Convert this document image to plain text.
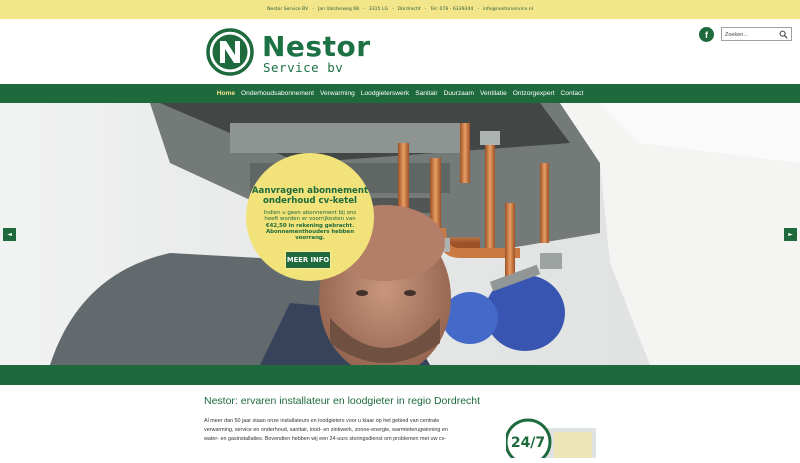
Nestor Service BV - Jan Valsterweg 68 - 3315 LG - Dordrecht - Tel: 078 - 6339344 - info@nestorservice.nl
Nestor
Service bv
f
Zoeken...
Home Onderhoudsabonnement Verwarming Loodgieterswerk Sanitair Duurzaam Ventilatie Ontzorgexpert Contact
◄	►
Aanvragen abonnement
onderhoud cv-ketel
Indien u geen abonnement bij ons
heeft worden er voorrijkosten van
€42,50 in rekening gebracht.
Abonnementhouders hebben
voorrang.
MEER INFO
Nestor: ervaren installateur en loodgieter in regio Dordrecht
Al meer dan 50 jaar staan onze installateurs en loodgieters voor u klaar op het gebied van centrale
verwarming, service en onderhoud, sanitair, lood- en zinkwerk, zonne-energie, warmteterugwinning en
water- en gasinstallaties. Bovendien hebben wij een 24-uurs storingsdienst om problemen met uw cv-	24/7
